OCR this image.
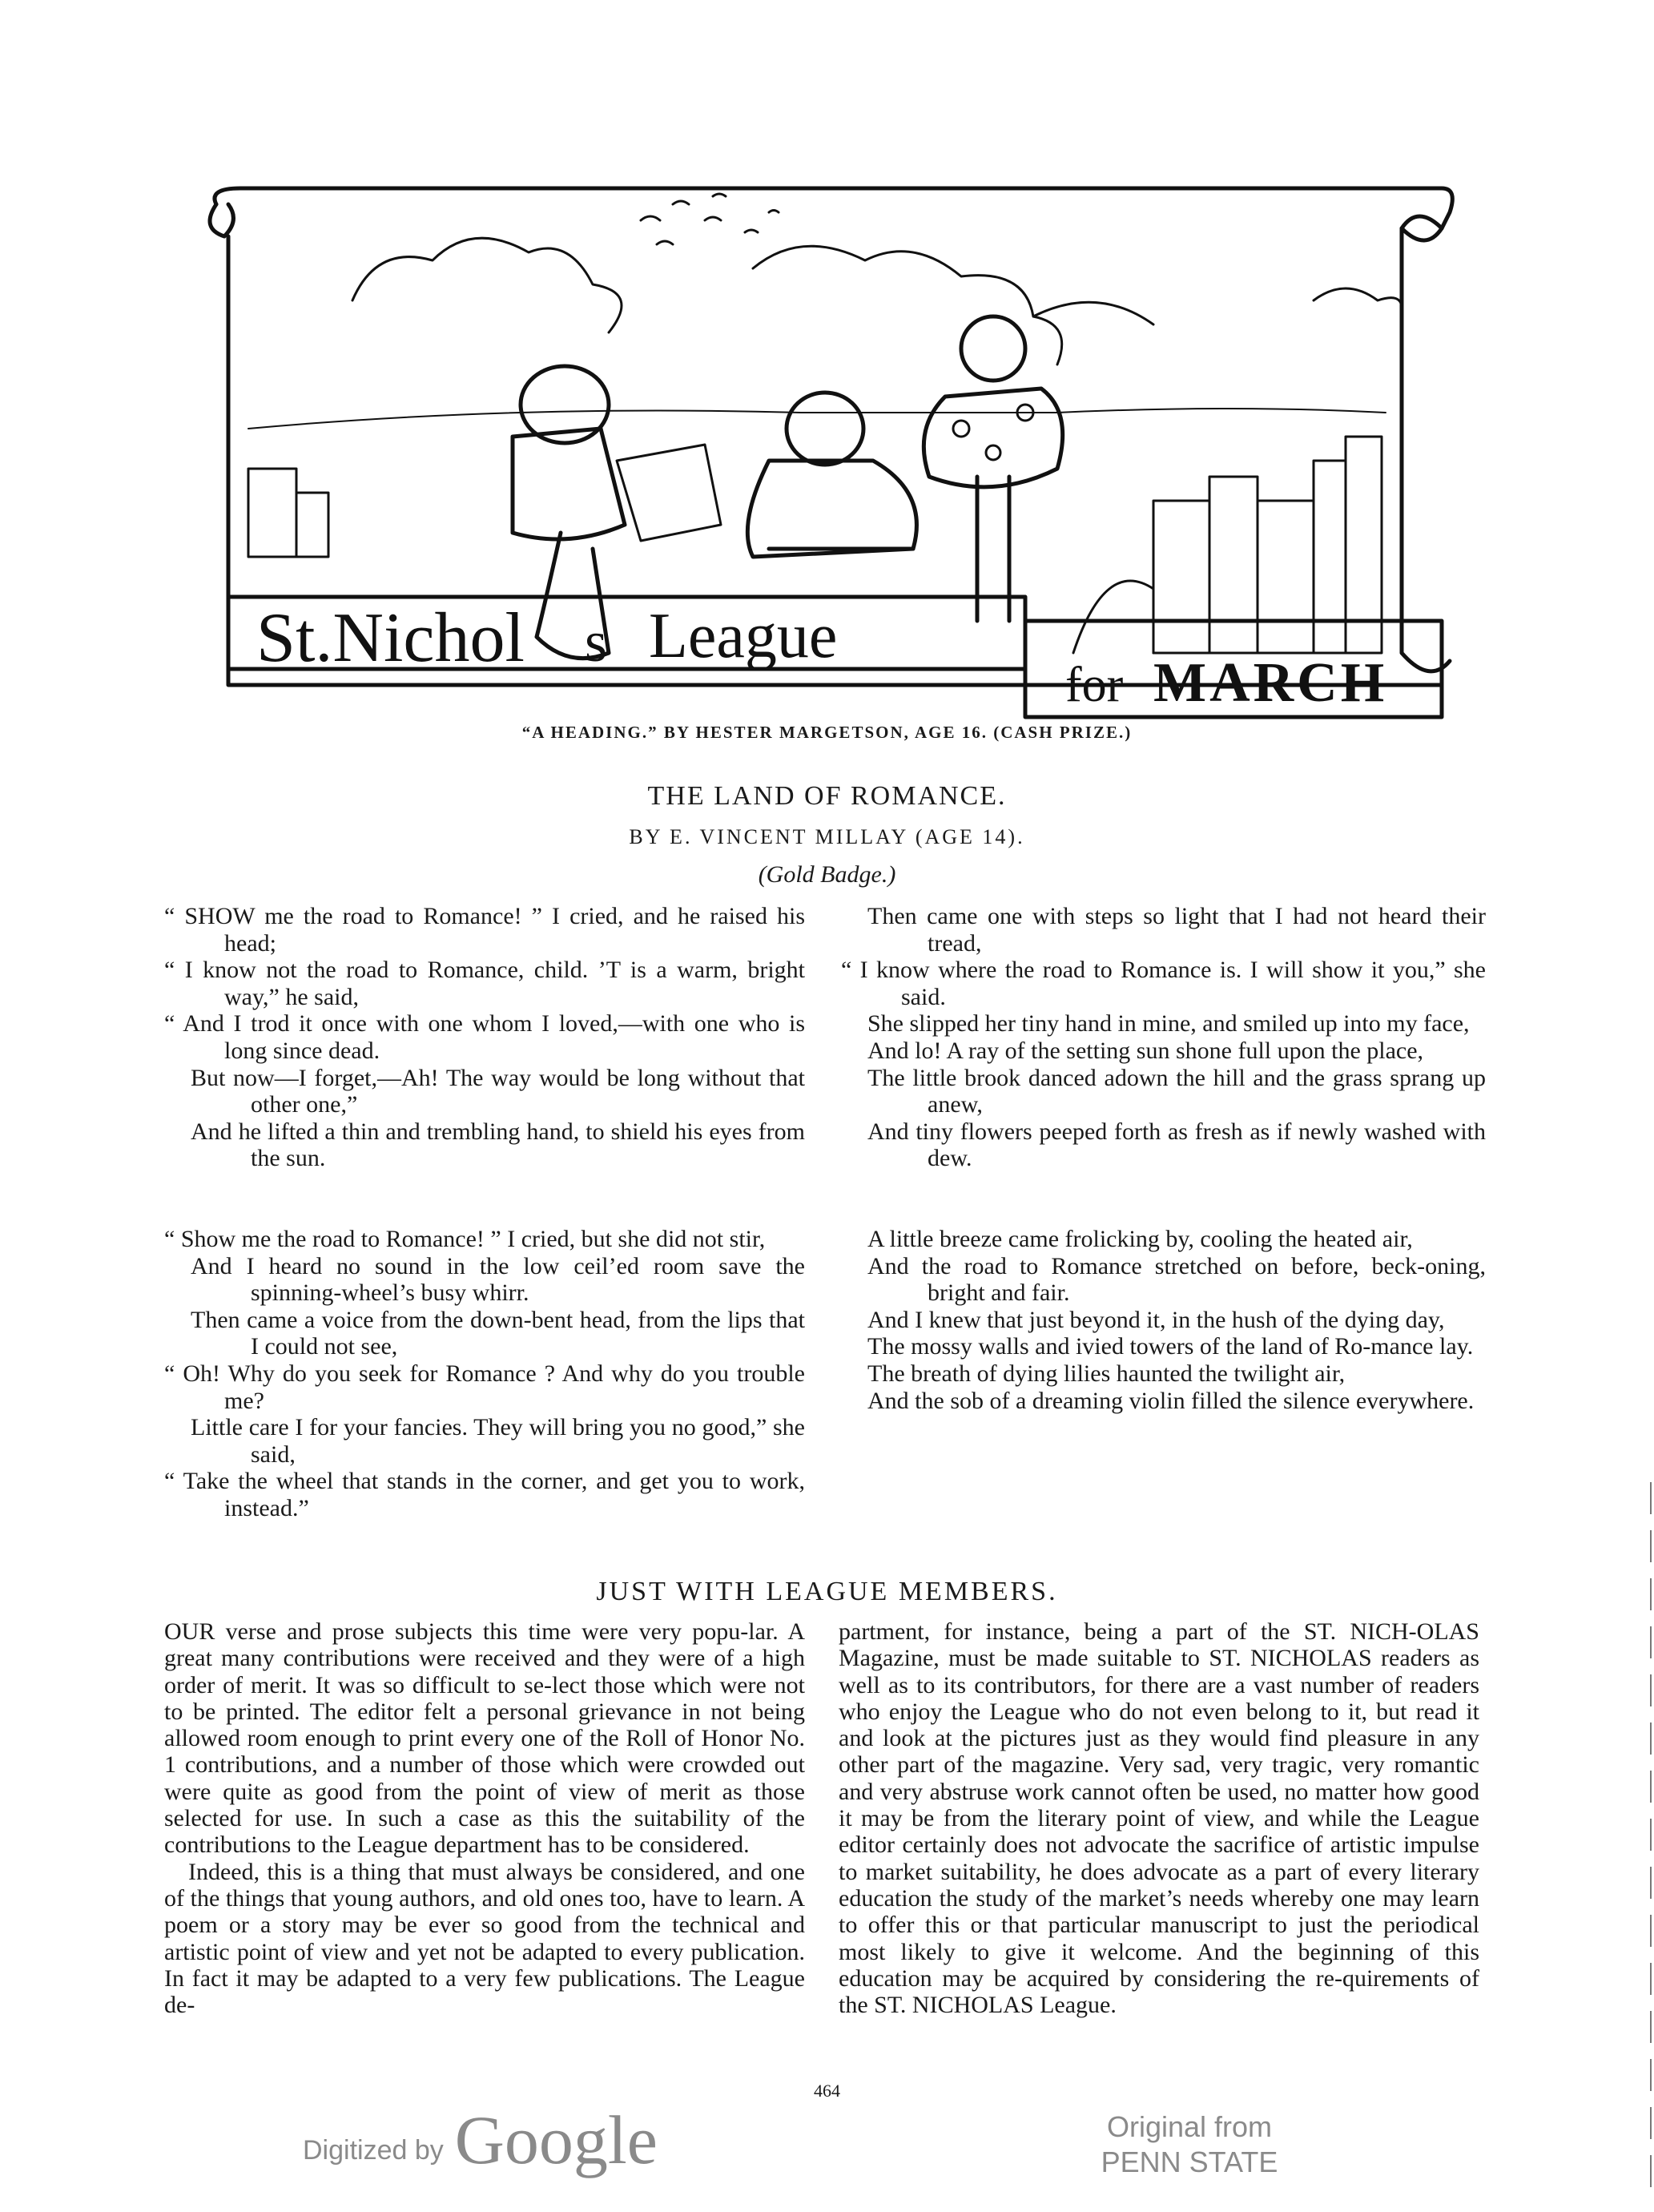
St.Nichol s League
for MARCH
“A HEADING.” BY HESTER MARGETSON, AGE 16. (CASH PRIZE.)
THE LAND OF ROMANCE.
BY E. VINCENT MILLAY (AGE 14).
(Gold Badge.)
“ SHOW me the road to Romance! ” I cried, and he raised his head;
“ I know not the road to Romance, child. ’T is a warm, bright way,” he said,
“ And I trod it once with one whom I loved,—with one who is long since dead.
But now—I forget,—Ah! The way would be long without that other one,”
And he lifted a thin and trembling hand, to shield his eyes from the sun.
“ Show me the road to Romance! ” I cried, but she did not stir,
And I heard no sound in the low ceil’ed room save the spinning-wheel’s busy whirr.
Then came a voice from the down-bent head, from the lips that I could not see,
“ Oh! Why do you seek for Romance ? And why do you trouble me?
Little care I for your fancies. They will bring you no good,” she said,
“ Take the wheel that stands in the corner, and get you to work, instead.”
Then came one with steps so light that I had not heard their tread,
“ I know where the road to Romance is. I will show it you,” she said.
She slipped her tiny hand in mine, and smiled up into my face,
And lo! A ray of the setting sun shone full upon the place,
The little brook danced adown the hill and the grass sprang up anew,
And tiny flowers peeped forth as fresh as if newly washed with dew.
A little breeze came frolicking by, cooling the heated air,
And the road to Romance stretched on before, beck-oning, bright and fair.
And I knew that just beyond it, in the hush of the dying day,
The mossy walls and ivied towers of the land of Ro-mance lay.
The breath of dying lilies haunted the twilight air,
And the sob of a dreaming violin filled the silence everywhere.
JUST WITH LEAGUE MEMBERS.

OUR verse and prose subjects this time were very popu-lar. A great many contributions were received and they were of a high order of merit. It was so difficult to se-lect those which were not to be printed. The editor felt a personal grievance in not being allowed room enough to print every one of the Roll of Honor No. 1 contributions, and a number of those which were crowded out were quite as good from the point of view of merit as those selected for use. In such a case as this the suitability of the contributions to the League department has to be considered.

Indeed, this is a thing that must always be considered, and one of the things that young authors, and old ones too, have to learn. A poem or a story may be ever so good from the technical and artistic point of view and yet not be adapted to every publication. In fact it may be adapted to a very few publications. The League de-

partment, for instance, being a part of the ST. NICH-OLAS Magazine, must be made suitable to ST. NICHOLAS readers as well as to its contributors, for there are a vast number of readers who enjoy the League who do not even belong to it, but read it and look at the pictures just as they would find pleasure in any other part of the magazine. Very sad, very tragic, very romantic and very abstruse work cannot often be used, no matter how good it may be from the literary point of view, and while the League editor certainly does not advocate the sacrifice of artistic impulse to market suitability, he does advocate as a part of every literary education the study of the market’s needs whereby one may learn to offer this or that particular manuscript to just the periodical most likely to give it welcome. And the beginning of this education may be acquired by considering the re-quirements of the ST. NICHOLAS League.

464
Digitized by Google	Original from
PENN STATE
